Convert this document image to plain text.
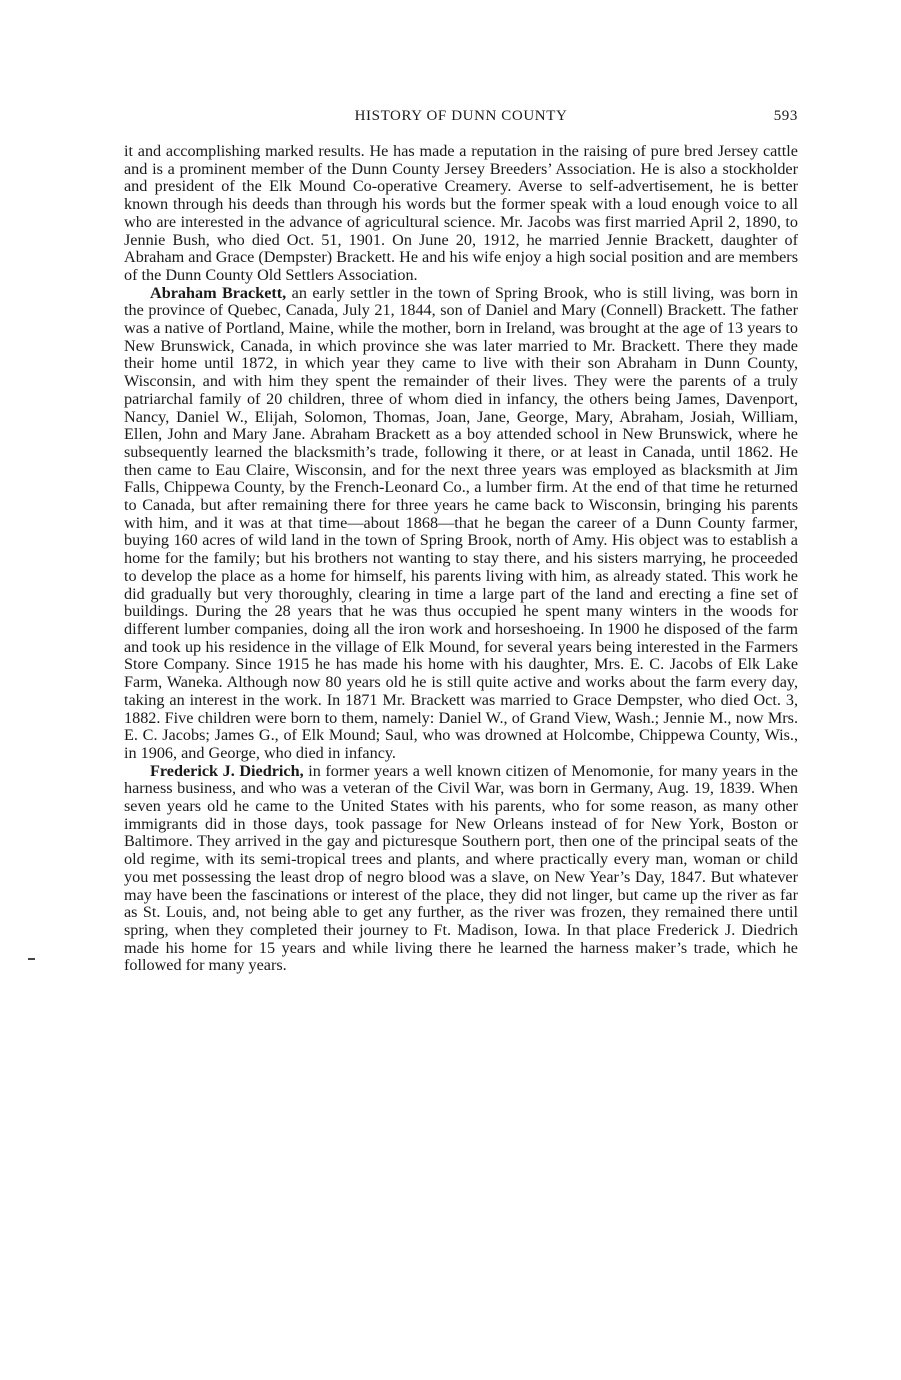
HISTORY OF DUNN COUNTY	593

it and accomplishing marked results. He has made a reputation in the raising of pure bred Jersey cattle and is a prominent member of the Dunn County Jersey Breeders’ Association. He is also a stockholder and president of the Elk Mound Co-operative Creamery. Averse to self-advertisement, he is better known through his deeds than through his words but the former speak with a loud enough voice to all who are interested in the advance of agricultural science. Mr. Jacobs was first married April 2, 1890, to Jennie Bush, who died Oct. 51, 1901. On June 20, 1912, he married Jennie Brackett, daughter of Abraham and Grace (Dempster) Brackett. He and his wife enjoy a high social position and are members of the Dunn County Old Settlers Association.

Abraham Brackett, an early settler in the town of Spring Brook, who is still living, was born in the province of Quebec, Canada, July 21, 1844, son of Daniel and Mary (Connell) Brackett. The father was a native of Portland, Maine, while the mother, born in Ireland, was brought at the age of 13 years to New Brunswick, Canada, in which province she was later married to Mr. Brackett. There they made their home until 1872, in which year they came to live with their son Abraham in Dunn County, Wisconsin, and with him they spent the remainder of their lives. They were the parents of a truly patriarchal family of 20 children, three of whom died in infancy, the others being James, Davenport, Nancy, Daniel W., Elijah, Solomon, Thomas, Joan, Jane, George, Mary, Abraham, Josiah, William, Ellen, John and Mary Jane. Abraham Brackett as a boy attended school in New Brunswick, where he subsequently learned the blacksmith’s trade, following it there, or at least in Canada, until 1862. He then came to Eau Claire, Wisconsin, and for the next three years was employed as blacksmith at Jim Falls, Chippewa County, by the French-Leonard Co., a lumber firm. At the end of that time he returned to Canada, but after remaining there for three years he came back to Wisconsin, bringing his parents with him, and it was at that time—about 1868—that he began the career of a Dunn County farmer, buying 160 acres of wild land in the town of Spring Brook, north of Amy. His object was to establish a home for the family; but his brothers not wanting to stay there, and his sisters marrying, he proceeded to develop the place as a home for himself, his parents living with him, as already stated. This work he did gradually but very thoroughly, clearing in time a large part of the land and erecting a fine set of buildings. During the 28 years that he was thus occupied he spent many winters in the woods for different lumber companies, doing all the iron work and horseshoeing. In 1900 he disposed of the farm and took up his residence in the village of Elk Mound, for several years being interested in the Farmers Store Company. Since 1915 he has made his home with his daughter, Mrs. E. C. Jacobs of Elk Lake Farm, Waneka. Although now 80 years old he is still quite active and works about the farm every day, taking an interest in the work. In 1871 Mr. Brackett was married to Grace Dempster, who died Oct. 3, 1882. Five children were born to them, namely: Daniel W., of Grand View, Wash.; Jennie M., now Mrs. E. C. Jacobs; James G., of Elk Mound; Saul, who was drowned at Holcombe, Chippewa County, Wis., in 1906, and George, who died in infancy.

Frederick J. Diedrich, in former years a well known citizen of Menomonie, for many years in the harness business, and who was a veteran of the Civil War, was born in Germany, Aug. 19, 1839. When seven years old he came to the United States with his parents, who for some reason, as many other immigrants did in those days, took passage for New Orleans instead of for New York, Boston or Baltimore. They arrived in the gay and picturesque Southern port, then one of the principal seats of the old regime, with its semi-tropical trees and plants, and where practically every man, woman or child you met possessing the least drop of negro blood was a slave, on New Year’s Day, 1847. But whatever may have been the fascinations or interest of the place, they did not linger, but came up the river as far as St. Louis, and, not being able to get any further, as the river was frozen, they remained there until spring, when they completed their journey to Ft. Madison, Iowa. In that place Frederick J. Diedrich made his home for 15 years and while living there he learned the harness maker’s trade, which he followed for many years.
